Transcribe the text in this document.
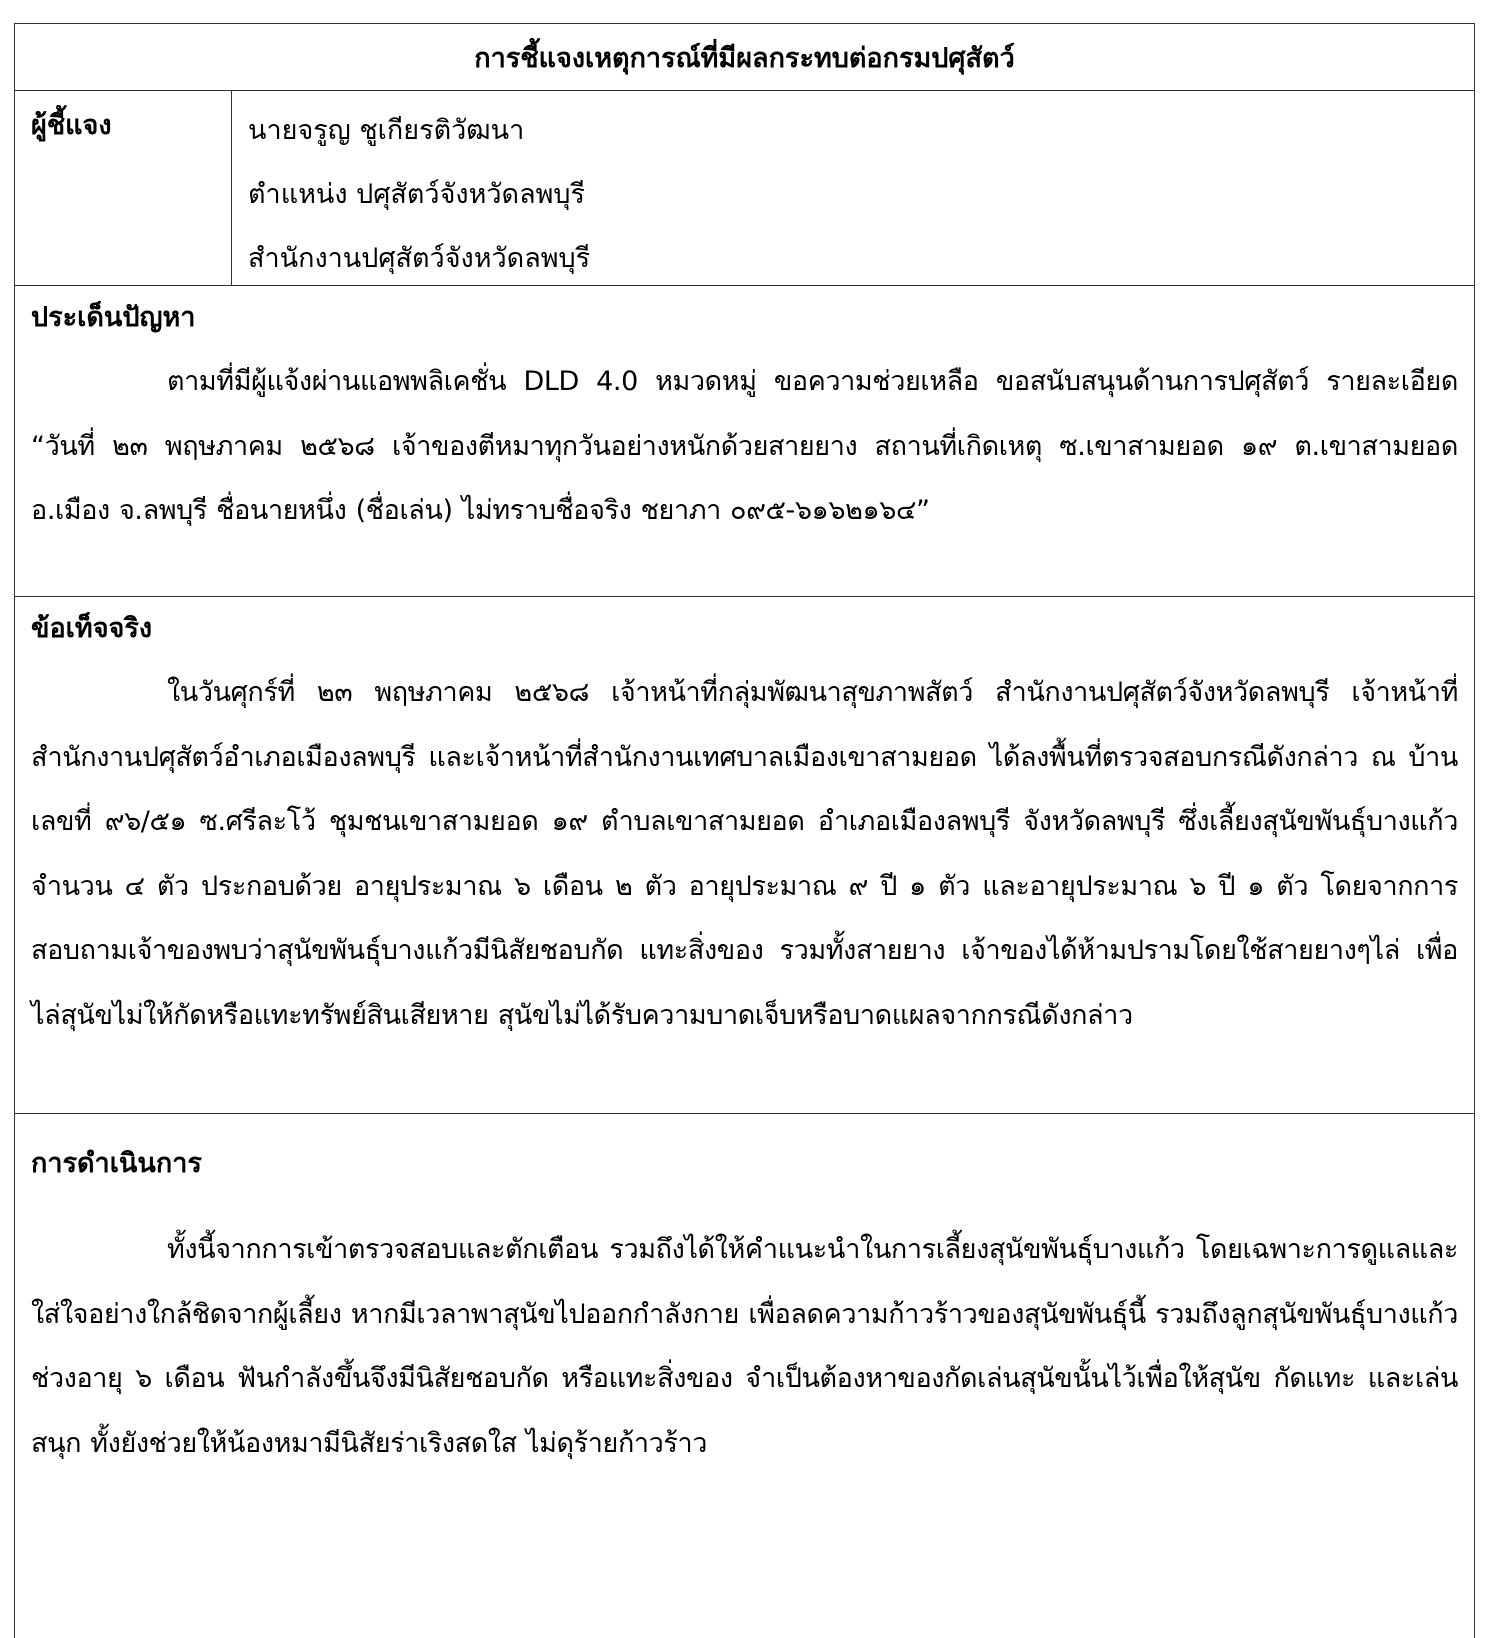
การชี้แจงเหตุการณ์ที่มีผลกระทบต่อกรมปศุสัตว์
ผู้ชี้แจง	นายจรูญ ชูเกียรติวัฒนา
ตำแหน่ง ปศุสัตว์จังหวัดลพบุรี
สำนักงานปศุสัตว์จังหวัดลพบุรี
ประเด็นปัญหา
ตามที่มีผู้แจ้งผ่านแอพพลิเคชั่น DLD 4.0 หมวดหมู่ ขอความช่วยเหลือ ขอสนับสนุนด้านการปศุสัตว์ รายละเอียด “วันที่ ๒๓ พฤษภาคม ๒๕๖๘ เจ้าของตีหมาทุกวันอย่างหนักด้วยสายยาง สถานที่เกิดเหตุ ซ.เขาสามยอด ๑๙ ต.เขาสามยอด อ.เมือง จ.ลพบุรี ชื่อนายหนึ่ง (ชื่อเล่น) ไม่ทราบชื่อจริง ชยาภา ๐๙๕-๖๑๖๒๑๖๔”
ข้อเท็จจริง
ในวันศุกร์ที่ ๒๓ พฤษภาคม ๒๕๖๘ เจ้าหน้าที่กลุ่มพัฒนาสุขภาพสัตว์ สำนักงานปศุสัตว์จังหวัดลพบุรี เจ้าหน้าที่สำนักงานปศุสัตว์อำเภอเมืองลพบุรี และเจ้าหน้าที่สำนักงานเทศบาลเมืองเขาสามยอด ได้ลงพื้นที่ตรวจสอบกรณีดังกล่าว ณ บ้านเลขที่ ๙๖/๕๑ ซ.ศรีละโว้ ชุมชนเขาสามยอด ๑๙ ตำบลเขาสามยอด อำเภอเมืองลพบุรี จังหวัดลพบุรี ซึ่งเลี้ยงสุนัขพันธุ์บางแก้ว จำนวน ๔ ตัว ประกอบด้วย อายุประมาณ ๖ เดือน ๒ ตัว อายุประมาณ ๙ ปี ๑ ตัว และอายุประมาณ ๖ ปี ๑ ตัว โดยจากการสอบถามเจ้าของพบว่าสุนัขพันธุ์บางแก้วมีนิสัยชอบกัด แทะสิ่งของ รวมทั้งสายยาง เจ้าของได้ห้ามปรามโดยใช้สายยางๆไล่ เพื่อไล่สุนัขไม่ให้กัดหรือแทะทรัพย์สินเสียหาย สุนัขไม่ได้รับความบาดเจ็บหรือบาดแผลจากกรณีดังกล่าว
การดำเนินการ
ทั้งนี้จากการเข้าตรวจสอบและตักเตือน รวมถึงได้ให้คำแนะนำในการเลี้ยงสุนัขพันธุ์บางแก้ว โดยเฉพาะการดูแลและใส่ใจอย่างใกล้ชิดจากผู้เลี้ยง หากมีเวลาพาสุนัขไปออกกำลังกาย เพื่อลดความก้าวร้าวของสุนัขพันธุ์นี้ รวมถึงลูกสุนัขพันธุ์บางแก้วช่วงอายุ ๖ เดือน ฟันกำลังขึ้นจึงมีนิสัยชอบกัด หรือแทะสิ่งของ จำเป็นต้องหาของกัดเล่นสุนัขนั้นไว้เพื่อให้สุนัข กัดแทะ และเล่นสนุก ทั้งยังช่วยให้น้องหมามีนิสัยร่าเริงสดใส ไม่ดุร้ายก้าวร้าว
